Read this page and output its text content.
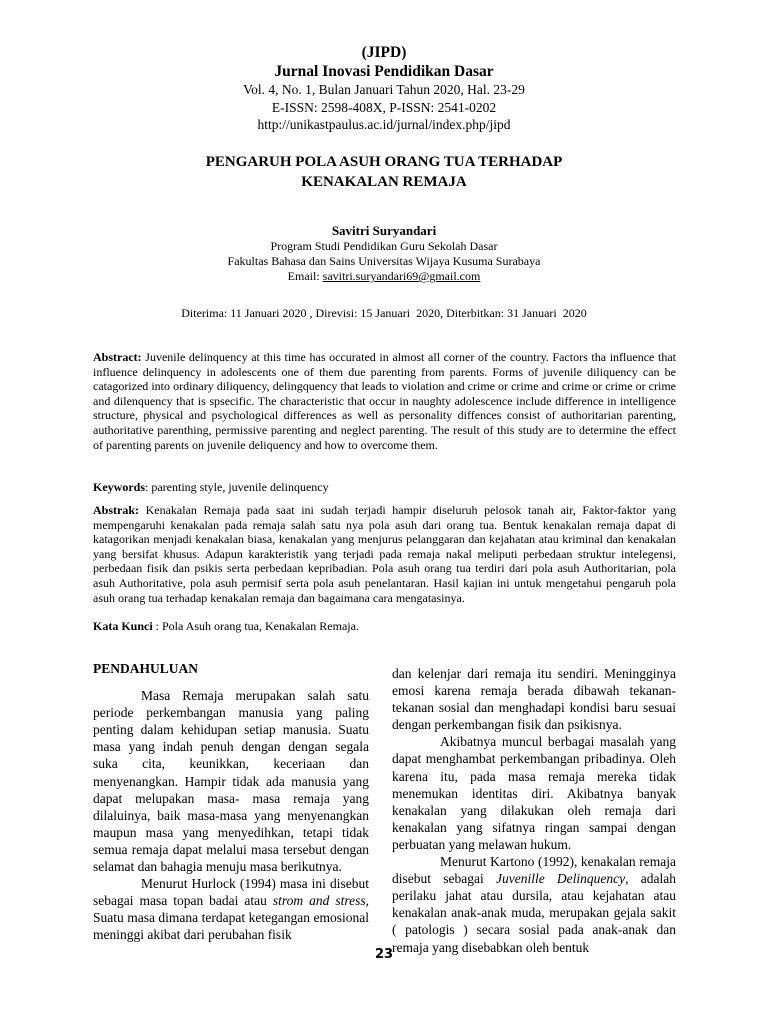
(JIPD)
Jurnal Inovasi Pendidikan Dasar
Vol. 4, No. 1, Bulan Januari Tahun 2020, Hal. 23-29
E-ISSN: 2598-408X, P-ISSN: 2541-0202
http://unikastpaulus.ac.id/jurnal/index.php/jipd
PENGARUH POLA ASUH ORANG TUA TERHADAP
KENAKALAN REMAJA
Savitri Suryandari
Program Studi Pendidikan Guru Sekolah Dasar
Fakultas Bahasa dan Sains Universitas Wijaya Kusuma Surabaya
Email: savitri.suryandari69@gmail.com
Diterima: 11 Januari 2020 , Direvisi: 15 Januari  2020, Diterbitkan: 31 Januari  2020
Abstract: Juvenile delinquency at this time has occurated in almost all corner of the country. Factors tha influence that influence delinquency in adolescents one of them due parenting from parents. Forms of juvenile diliquency can be catagorized into ordinary diliquency, delingquency that leads to violation and crime or crime and crime or crime or crime and dilenquency that is spsecific. The characteristic that occur in naughty adolescence include difference in intelligence structure, physical and psychological differences as well as personality diffences consist of authoritarian parenting, authoritative parenthing, permissive parenting and neglect parenting. The result of this study are to determine the effect of parenting parents on juvenile deliquency and how to overcome them.
Keywords: parenting style, juvenile delinquency
Abstrak: Kenakalan Remaja pada saat ini sudah terjadi hampir diseluruh pelosok tanah air, Faktor-faktor yang mempengaruhi kenakalan pada remaja salah satu nya pola asuh dari orang tua. Bentuk kenakalan remaja dapat di katagorikan menjadi kenakalan biasa, kenakalan yang menjurus pelanggaran dan kejahatan atau kriminal dan kenakalan yang bersifat khusus. Adapun karakteristik yang terjadi pada remaja nakal meliputi perbedaan struktur intelegensi, perbedaan fisik dan psikis serta perbedaan kepribadian. Pola asuh orang tua terdiri dari pola asuh Authoritarian, pola asuh Authoritative, pola asuh permisif serta pola asuh penelantaran. Hasil kajian ini untuk mengetahui pengaruh pola asuh orang tua terhadap kenakalan remaja dan bagaimana cara mengatasinya.
Kata Kunci : Pola Asuh orang tua, Kenakalan Remaja.

PENDAHULUAN

Masa Remaja merupakan salah satu periode perkembangan manusia yang paling penting dalam kehidupan setiap manusia. Suatu masa yang indah penuh dengan dengan segala suka cita, keunikkan, keceriaan dan menyenangkan. Hampir tidak ada manusia yang dapat melupakan masa- masa remaja yang dilaluinya, baik masa-masa yang menyenangkan maupun masa yang menyedihkan, tetapi tidak semua remaja dapat melalui masa tersebut dengan selamat dan bahagia menuju masa berikutnya.

Menurut Hurlock (1994) masa ini disebut sebagai masa topan badai atau strom and stress, Suatu masa dimana terdapat ketegangan emosional meninggi akibat dari perubahan fisik

dan kelenjar dari remaja itu sendiri. Meningginya emosi karena remaja berada dibawah tekanan-tekanan sosial dan menghadapi kondisi baru sesuai dengan perkembangan fisik dan psikisnya.

Akibatnya muncul berbagai masalah yang dapat menghambat perkembangan pribadinya. Oleh karena itu, pada masa remaja mereka tidak menemukan identitas diri. Akibatnya banyak kenakalan yang dilakukan oleh remaja dari kenakalan yang sifatnya ringan sampai dengan perbuatan yang melawan hukum.

Menurut Kartono (1992), kenakalan remaja disebut sebagai Juvenille Delinquency, adalah perilaku jahat atau dursila, atau kejahatan atau kenakalan anak-anak muda, merupakan gejala sakit ( patologis ) secara sosial pada anak-anak dan remaja yang disebabkan oleh bentuk

23
